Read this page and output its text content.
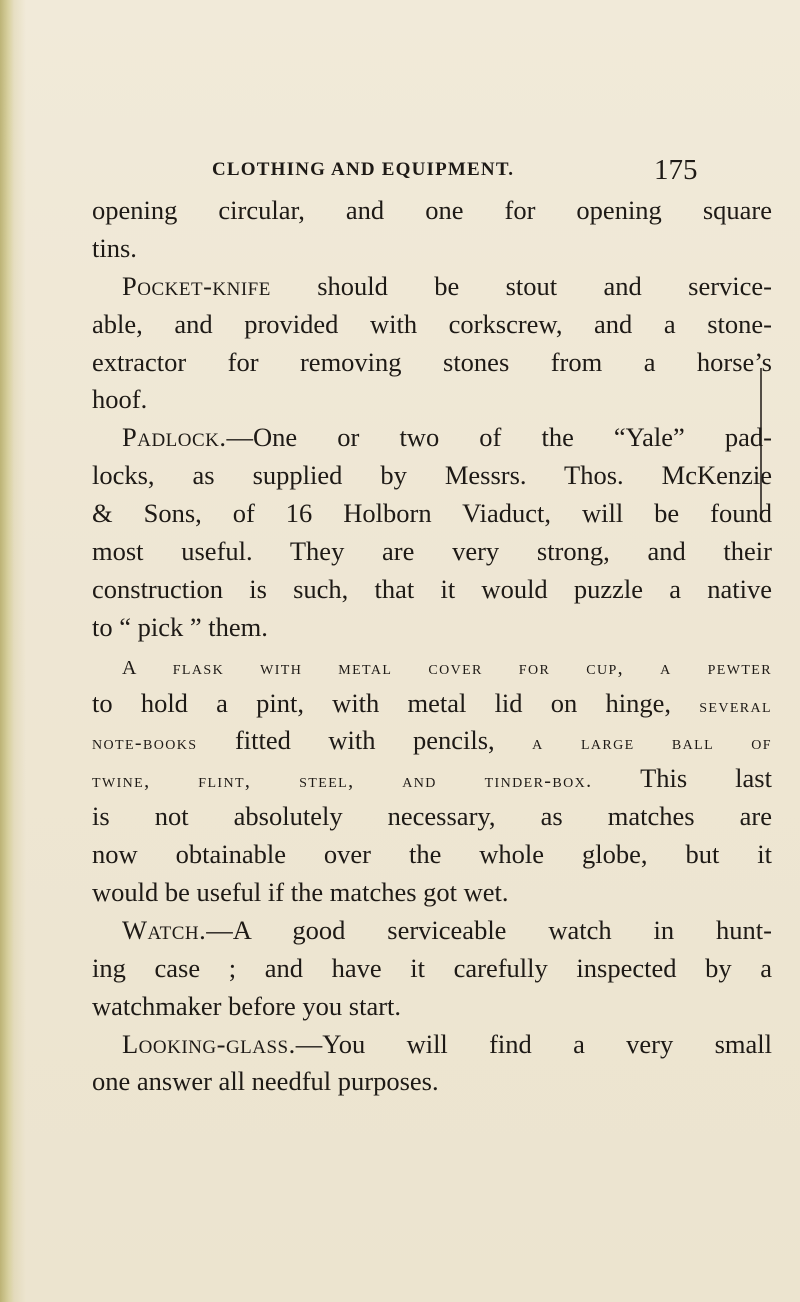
CLOTHING AND EQUIPMENT.	175
opening circular, and one for opening square
tins.
Pocket-knife should be stout and service-
able, and provided with corkscrew, and a stone-
extractor for removing stones from a horse’s
hoof.
Padlock.—One or two of the “Yale” pad-
locks, as supplied by Messrs. Thos. McKenzie
& Sons, of 16 Holborn Viaduct, will be found
most useful. They are very strong, and their
construction is such, that it would puzzle a native
to “ pick ” them.
A flask with metal cover for cup, a pewter
to hold a pint, with metal lid on hinge, several
note-books fitted with pencils, a large ball of
twine, flint, steel, and tinder-box. This last
is not absolutely necessary, as matches are
now obtainable over the whole globe, but it
would be useful if the matches got wet.
Watch.—A good serviceable watch in hunt-
ing case ; and have it carefully inspected by a
watchmaker before you start.
Looking-glass.—You will find a very small
one answer all needful purposes.
